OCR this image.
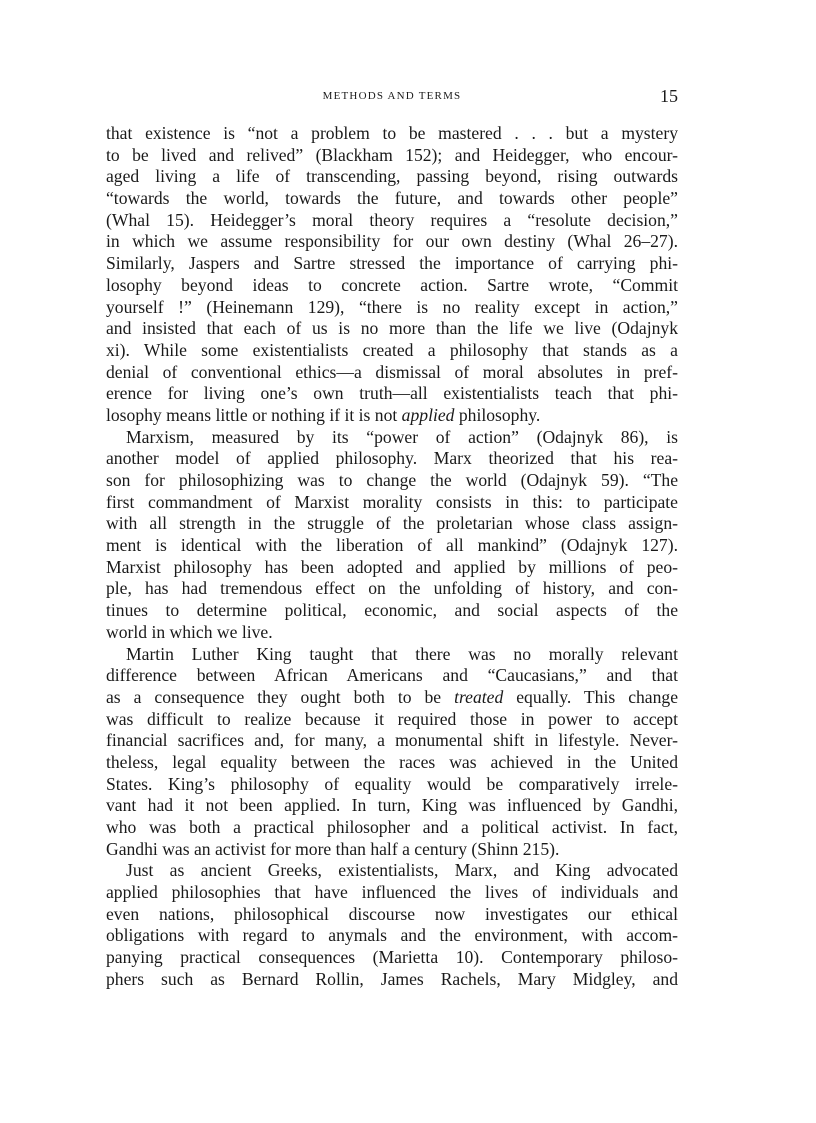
METHODS AND TERMS	15
that existence is “not a problem to be mastered . . . but a mystery
to be lived and relived” (Blackham 152); and Heidegger, who encour-
aged living a life of transcending, passing beyond, rising outwards
“towards the world, towards the future, and towards other people”
(Whal 15). Heidegger’s moral theory requires a “resolute decision,”
in which we assume responsibility for our own destiny (Whal 26–27).
Similarly, Jaspers and Sartre stressed the importance of carrying phi-
losophy beyond ideas to concrete action. Sartre wrote, “Commit
yourself !” (Heinemann 129), “there is no reality except in action,”
and insisted that each of us is no more than the life we live (Odajnyk
xi). While some existentialists created a philosophy that stands as a
denial of conventional ethics—a dismissal of moral absolutes in pref-
erence for living one’s own truth—all existentialists teach that phi-
losophy means little or nothing if it is not applied philosophy.
Marxism, measured by its “power of action” (Odajnyk 86), is
another model of applied philosophy. Marx theorized that his rea-
son for philosophizing was to change the world (Odajnyk 59). “The
first commandment of Marxist morality consists in this: to participate
with all strength in the struggle of the proletarian whose class assign-
ment is identical with the liberation of all mankind” (Odajnyk 127).
Marxist philosophy has been adopted and applied by millions of peo-
ple, has had tremendous effect on the unfolding of history, and con-
tinues to determine political, economic, and social aspects of the
world in which we live.
Martin Luther King taught that there was no morally relevant
difference between African Americans and “Caucasians,” and that
as a consequence they ought both to be treated equally. This change
was difficult to realize because it required those in power to accept
financial sacrifices and, for many, a monumental shift in lifestyle. Never-
theless, legal equality between the races was achieved in the United
States. King’s philosophy of equality would be comparatively irrele-
vant had it not been applied. In turn, King was influenced by Gandhi,
who was both a practical philosopher and a political activist. In fact,
Gandhi was an activist for more than half a century (Shinn 215).
Just as ancient Greeks, existentialists, Marx, and King advocated
applied philosophies that have influenced the lives of individuals and
even nations, philosophical discourse now investigates our ethical
obligations with regard to anymals and the environment, with accom-
panying practical consequences (Marietta 10). Contemporary philoso-
phers such as Bernard Rollin, James Rachels, Mary Midgley, and
